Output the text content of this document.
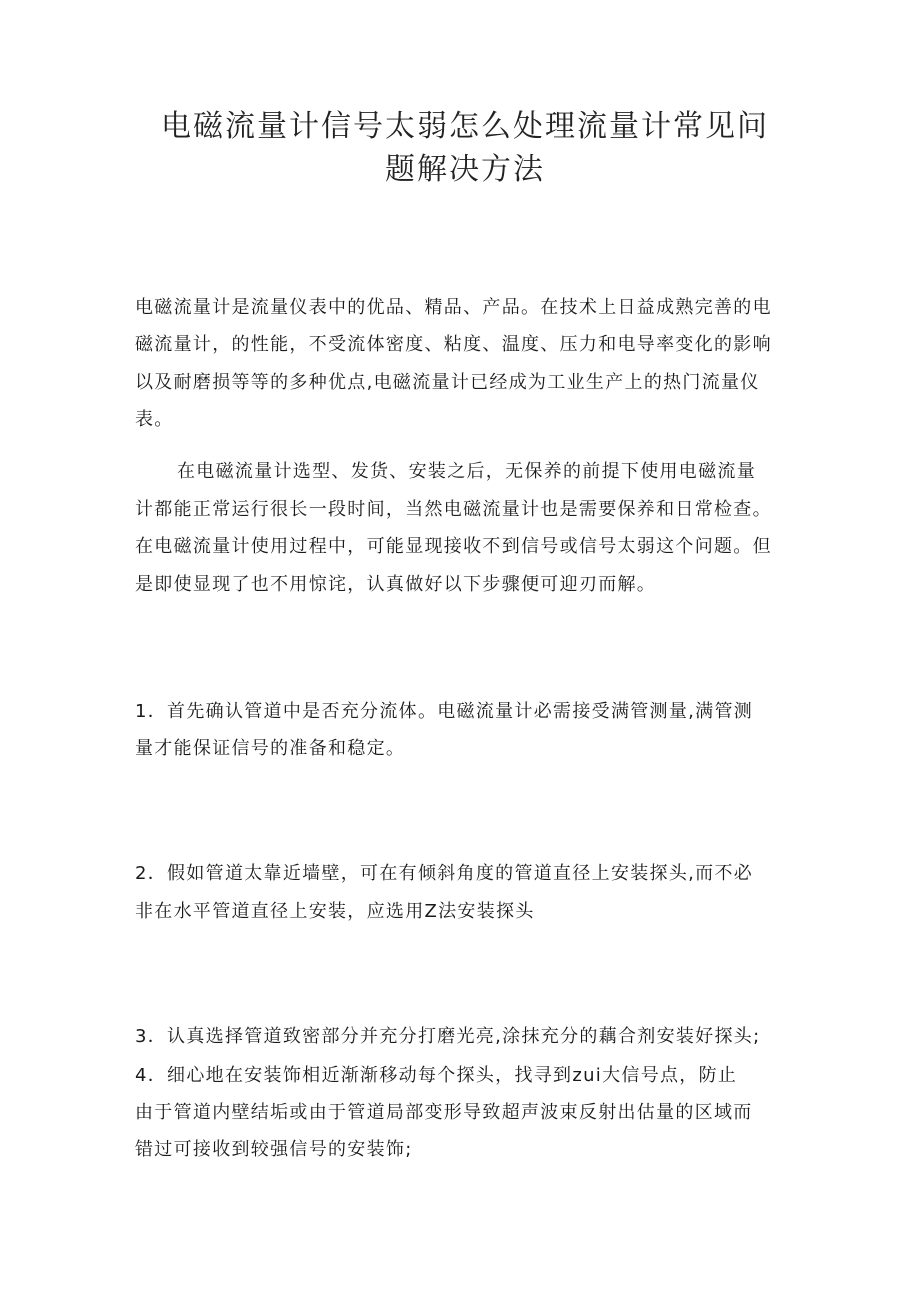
电磁流量计信号太弱怎么处理流量计常见问
题解决方法
电磁流量计是流量仪表中的优品、精品、产品。在技术上日益成熟完善的电
磁流量计，的性能，不受流体密度、粘度、温度、压力和电导率变化的影响
以及耐磨损等等的多种优点,电磁流量计已经成为工业生产上的热门流量仪
表。
在电磁流量计选型、发货、安装之后，无保养的前提下使用电磁流量
计都能正常运行很长一段时间，当然电磁流量计也是需要保养和日常检查。
在电磁流量计使用过程中，可能显现接收不到信号或信号太弱这个问题。但
是即使显现了也不用惊诧，认真做好以下步骤便可迎刃而解。
1．首先确认管道中是否充分流体。电磁流量计必需接受满管测量,满管测
量才能保证信号的准备和稳定。
2．假如管道太靠近墙壁，可在有倾斜角度的管道直径上安装探头,而不必
非在水平管道直径上安装，应选用Z法安装探头
3．认真选择管道致密部分并充分打磨光亮,涂抹充分的藕合剂安装好探头;
4．细心地在安装饰相近渐渐移动每个探头，找寻到zui大信号点，防止
由于管道内壁结垢或由于管道局部变形导致超声波束反射出估量的区域而
错过可接收到较强信号的安装饰;
